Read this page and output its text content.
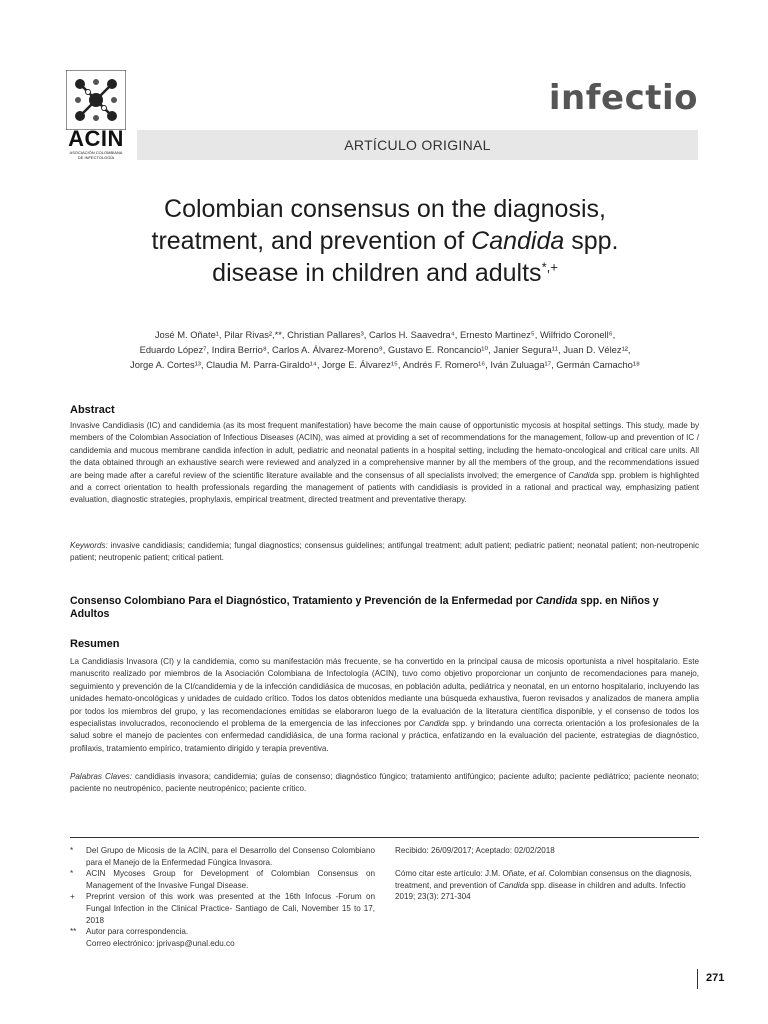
ACIN
ASOCIACIÓN COLOMBIANA
DE INFECTOLOGÍA
infectio
ARTÍCULO ORIGINAL
Colombian consensus on the diagnosis,
treatment, and prevention of Candida spp.
disease in children and adults*,+
José M. Oñate¹, Pilar Rivas²,**, Christian Pallares³, Carlos H. Saavedra⁴, Ernesto Martinez⁵, Wilfrido Coronell⁶,
Eduardo López⁷, Indira Berrio⁸, Carlos A. Álvarez-Moreno⁹, Gustavo E. Roncancio¹⁰, Janier Segura¹¹, Juan D. Vélez¹²,
Jorge A. Cortes¹³, Claudia M. Parra-Giraldo¹⁴, Jorge E. Álvarez¹⁵, Andrés F. Romero¹⁶, Iván Zuluaga¹⁷, Germán Camacho¹⁸
Abstract
Invasive Candidiasis (IC) and candidemia (as its most frequent manifestation) have become the main cause of opportunistic mycosis at hospital settings. This study, made by members of the Colombian Association of Infectious Diseases (ACIN), was aimed at providing a set of recommendations for the management, follow-up and prevention of IC / candidemia and mucous membrane candida infection in adult, pediatric and neonatal patients in a hospital setting, including the hemato-oncological and critical care units. All the data obtained through an exhaustive search were reviewed and analyzed in a comprehensive manner by all the members of the group, and the recommendations issued are being made after a careful review of the scientific literature available and the consensus of all specialists involved; the emergence of Candida spp. problem is highlighted and a correct orientation to health professionals regarding the management of patients with candidiasis is provided in a rational and practical way, emphasizing patient evaluation, diagnostic strategies, prophylaxis, empirical treatment, directed treatment and preventative therapy.
Keywords: invasive candidiasis; candidemia; fungal diagnostics; consensus guidelines; antifungal treatment; adult patient; pediatric patient; neonatal patient; non-neutropenic patient; neutropenic patient; critical patient.
Consenso Colombiano Para el Diagnóstico, Tratamiento y Prevención de la Enfermedad por Candida spp. en Niños y Adultos
Resumen
La Candidiasis Invasora (CI) y la candidemia, como su manifestación más frecuente, se ha convertido en la principal causa de micosis oportunista a nivel hospitalario. Este manuscrito realizado por miembros de la Asociación Colombiana de Infectología (ACIN), tuvo como objetivo proporcionar un conjunto de recomendaciones para manejo, seguimiento y prevención de la CI/candidemia y de la infección candidiásica de mucosas, en población adulta, pediátrica y neonatal, en un entorno hospitalario, incluyendo las unidades hemato-oncológicas y unidades de cuidado crítico. Todos los datos obtenidos mediante una búsqueda exhaustiva, fueron revisados y analizados de manera amplia por todos los miembros del grupo, y las recomendaciones emitidas se elaboraron luego de la evaluación de la literatura científica disponible, y el consenso de todos los especialistas involucrados, reconociendo el problema de la emergencia de las infecciones por Candida spp. y brindando una correcta orientación a los profesionales de la salud sobre el manejo de pacientes con enfermedad candidiásica, de una forma racional y práctica, enfatizando en la evaluación del paciente, estrategias de diagnóstico, profilaxis, tratamiento empírico, tratamiento dirigido y terapia preventiva.
Palabras Claves: candidiasis invasora; candidemia; guías de consenso; diagnóstico fúngico; tratamiento antifúngico; paciente adulto; paciente pediátrico; paciente neonato; paciente no neutropénico, paciente neutropénico; paciente crítico.
*	Del Grupo de Micosis de la ACIN, para el Desarrollo del Consenso Colombiano para el Manejo de la Enfermedad Fúngica Invasora.
*	ACIN Mycoses Group for Development of Colombian Consensus on Management of the Invasive Fungal Disease.
+	Preprint version of this work was presented at the 16th Infocus -Forum on Fungal Infection in the Clinical Practice- Santiago de Cali, November 15 to 17, 2018
**	Autor para correspondencia.
Correo electrónico: jprivasp@unal.edu.co
Recibido: 26/09/2017; Aceptado: 02/02/2018
Cómo citar este artículo: J.M. Oñate, et al. Colombian consensus on the diagnosis, treatment, and prevention of Candida spp. disease in children and adults. Infectio 2019; 23(3): 271-304
271
